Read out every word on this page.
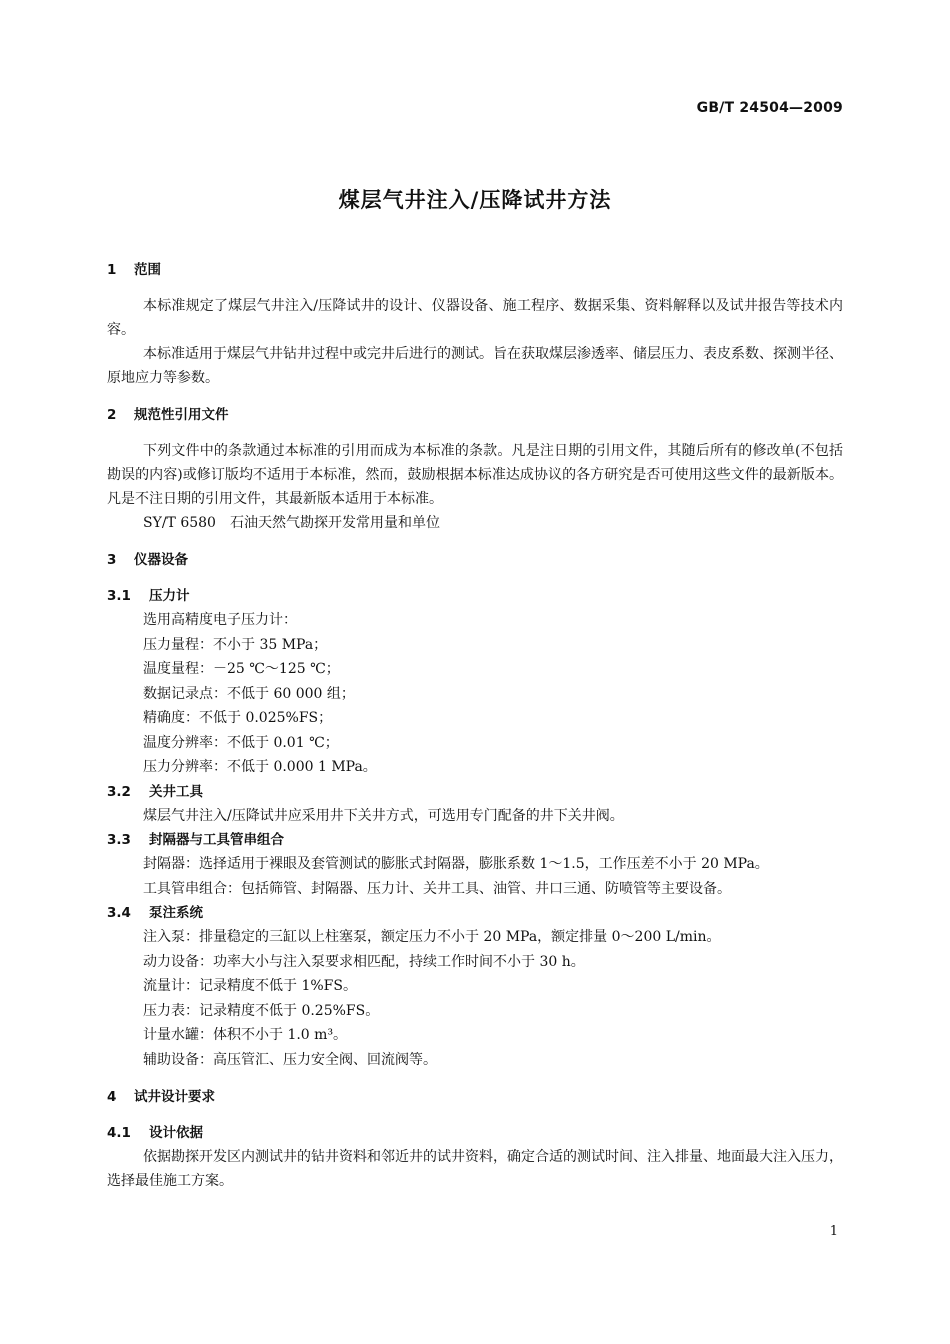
GB/T 24504—2009
煤层气井注入/压降试井方法
1 范围

本标准规定了煤层气井注入/压降试井的设计、仪器设备、施工程序、数据采集、资料解释以及试井报告等技术内容。

本标准适用于煤层气井钻井过程中或完井后进行的测试。旨在获取煤层渗透率、储层压力、表皮系数、探测半径、原地应力等参数。

2 规范性引用文件

下列文件中的条款通过本标准的引用而成为本标准的条款。凡是注日期的引用文件，其随后所有的修改单(不包括勘误的内容)或修订版均不适用于本标准，然而，鼓励根据本标准达成协议的各方研究是否可使用这些文件的最新版本。凡是不注日期的引用文件，其最新版本适用于本标准。

SY/T 6580 石油天然气勘探开发常用量和单位

3 仪器设备
3.1 压力计

选用高精度电子压力计：

压力量程：不小于 35 MPa；

温度量程：－25 ℃～125 ℃；

数据记录点：不低于 60 000 组；

精确度：不低于 0.025%FS；

温度分辨率：不低于 0.01 ℃；

压力分辨率：不低于 0.000 1 MPa。

3.2 关井工具

煤层气井注入/压降试井应采用井下关井方式，可选用专门配备的井下关井阀。

3.3 封隔器与工具管串组合

封隔器：选择适用于裸眼及套管测试的膨胀式封隔器，膨胀系数 1～1.5，工作压差不小于 20 MPa。

工具管串组合：包括筛管、封隔器、压力计、关井工具、油管、井口三通、防喷管等主要设备。

3.4 泵注系统

注入泵：排量稳定的三缸以上柱塞泵，额定压力不小于 20 MPa，额定排量 0～200 L/min。

动力设备：功率大小与注入泵要求相匹配，持续工作时间不小于 30 h。

流量计：记录精度不低于 1%FS。

压力表：记录精度不低于 0.25%FS。

计量水罐：体积不小于 1.0 m³。

辅助设备：高压管汇、压力安全阀、回流阀等。

4 试井设计要求
4.1 设计依据

依据勘探开发区内测试井的钻井资料和邻近井的试井资料，确定合适的测试时间、注入排量、地面最大注入压力，选择最佳施工方案。

1
